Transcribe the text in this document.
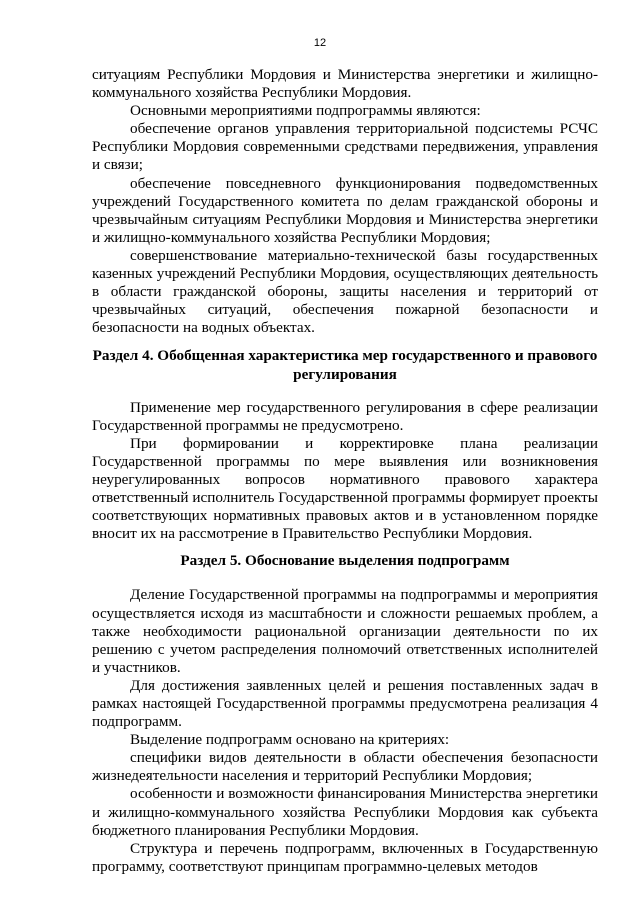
12

ситуациям Республики Мордовия и Министерства энергетики и жилищно-коммунального хозяйства Республики Мордовия.

Основными мероприятиями подпрограммы являются:

обеспечение органов управления территориальной подсистемы РСЧС Республики Мордовия современными средствами передвижения, управления и связи;

обеспечение повседневного функционирования подведомственных учреждений Государственного комитета по делам гражданской обороны и чрезвычайным ситуациям Республики Мордовия и Министерства энергетики и жилищно-коммунального хозяйства Республики Мордовия;

совершенствование материально-технической базы государственных казенных учреждений Республики Мордовия, осуществляющих деятельность в области гражданской обороны, защиты населения и территорий от чрезвычайных ситуаций, обеспечения пожарной безопасности и безопасности на водных объектах.

Раздел 4. Обобщенная характеристика мер государственного и правового регулирования

Применение мер государственного регулирования в сфере реализации Государственной программы не предусмотрено.

При формировании и корректировке плана реализации Государственной программы по мере выявления или возникновения неурегулированных вопросов нормативного правового характера ответственный исполнитель Государственной программы формирует проекты соответствующих нормативных правовых актов и в установленном порядке вносит их на рассмотрение в Правительство Республики Мордовия.

Раздел 5. Обоснование выделения подпрограмм

Деление Государственной программы на подпрограммы и мероприятия осуществляется исходя из масштабности и сложности решаемых проблем, а также необходимости рациональной организации деятельности по их решению с учетом распределения полномочий ответственных исполнителей и участников.

Для достижения заявленных целей и решения поставленных задач в рамках настоящей Государственной программы предусмотрена реализация 4 подпрограмм.

Выделение подпрограмм основано на критериях:

специфики видов деятельности в области обеспечения безопасности жизнедеятельности населения и территорий Республики Мордовия;

особенности и возможности финансирования Министерства энергетики и жилищно-коммунального хозяйства Республики Мордовия как субъекта бюджетного планирования Республики Мордовия.

Структура и перечень подпрограмм, включенных в Государственную программу, соответствуют принципам программно-целевых методов
